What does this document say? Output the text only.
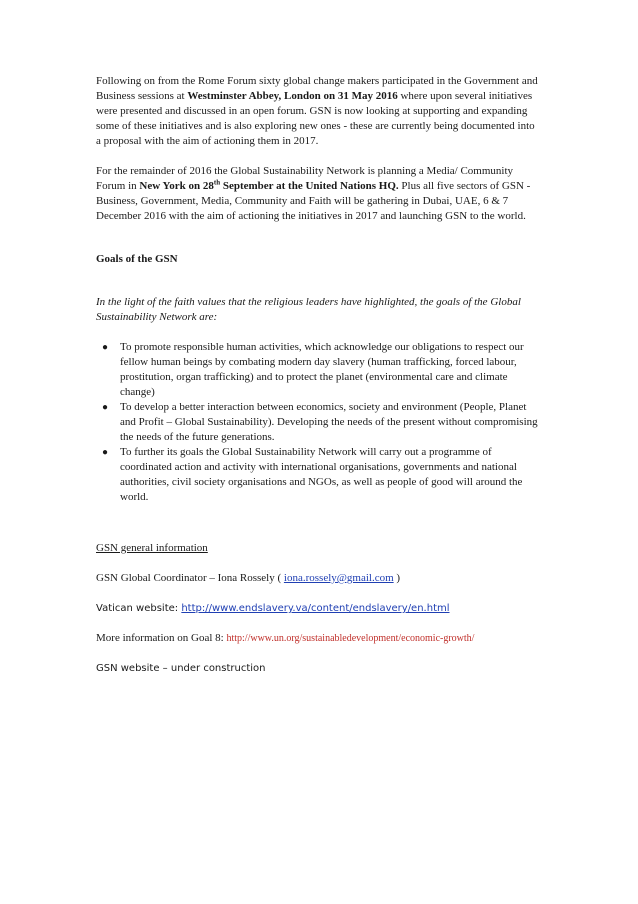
Following on from the Rome Forum sixty global change makers participated in the Government and Business sessions at Westminster Abbey, London on 31 May 2016 where upon several initiatives were presented and discussed in an open forum. GSN is now looking at supporting and expanding some of these initiatives and is also exploring new ones - these are currently being documented into a proposal with the aim of actioning them in 2017.

For the remainder of 2016 the Global Sustainability Network is planning a Media/ Community Forum in New York on 28th September at the United Nations HQ. Plus all five sectors of GSN -Business, Government, Media, Community and Faith will be gathering in Dubai, UAE, 6 & 7 December 2016 with the aim of actioning the initiatives in 2017 and launching GSN to the world.

Goals of the GSN

In the light of the faith values that the religious leaders have highlighted, the goals of the Global Sustainability Network are:

● To promote responsible human activities, which acknowledge our obligations to respect our fellow human beings by combating modern day slavery (human trafficking, forced labour, prostitution, organ trafficking) and to protect the planet (environmental care and climate change)
● To develop a better interaction between economics, society and environment (People, Planet and Profit – Global Sustainability). Developing the needs of the present without compromising the needs of the future generations.
● To further its goals the Global Sustainability Network will carry out a programme of coordinated action and activity with international organisations, governments and national authorities, civil society organisations and NGOs, as well as people of good will around the world.

GSN general information

GSN Global Coordinator – Iona Rossely ( iona.rossely@gmail.com )

Vatican website: http://www.endslavery.va/content/endslavery/en.html

More information on Goal 8: http://www.un.org/sustainabledevelopment/economic-growth/

GSN website – under construction
